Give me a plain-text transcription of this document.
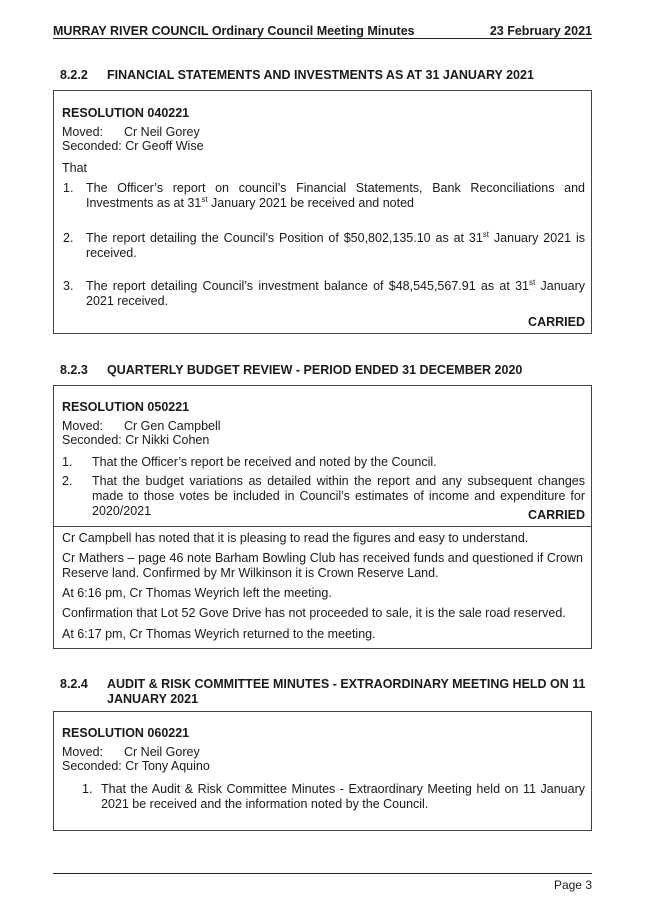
MURRAY RIVER COUNCIL Ordinary Council Meeting Minutes	23 February 2021
8.2.2 FINANCIAL STATEMENTS AND INVESTMENTS AS AT 31 JANUARY 2021
RESOLUTION 040221
Moved: Cr Neil Gorey
Seconded: Cr Geoff Wise
That
1. The Officer’s report on council’s Financial Statements, Bank Reconciliations and Investments as at 31st January 2021 be received and noted
2. The report detailing the Council’s Position of $50,802,135.10 as at 31st January 2021 is received.
3. The report detailing Council’s investment balance of $48,545,567.91 as at 31st January 2021 received.
CARRIED
8.2.3 QUARTERLY BUDGET REVIEW - PERIOD ENDED 31 DECEMBER 2020
RESOLUTION 050221
Moved: Cr Gen Campbell
Seconded: Cr Nikki Cohen
1. That the Officer’s report be received and noted by the Council.
2. That the budget variations as detailed within the report and any subsequent changes made to those votes be included in Council’s estimates of income and expenditure for 2020/2021	CARRIED
Cr Campbell has noted that it is pleasing to read the figures and easy to understand.
Cr Mathers – page 46 note Barham Bowling Club has received funds and questioned if Crown Reserve land. Confirmed by Mr Wilkinson it is Crown Reserve Land.
At 6:16 pm, Cr Thomas Weyrich left the meeting.
Confirmation that Lot 52 Gove Drive has not proceeded to sale, it is the sale road reserved.
At 6:17 pm, Cr Thomas Weyrich returned to the meeting.
8.2.4 AUDIT & RISK COMMITTEE MINUTES - EXTRAORDINARY MEETING HELD ON 11 JANUARY 2021
RESOLUTION 060221
Moved: Cr Neil Gorey
Seconded: Cr Tony Aquino
1. That the Audit & Risk Committee Minutes - Extraordinary Meeting held on 11 January 2021 be received and the information noted by the Council.
Page 3
